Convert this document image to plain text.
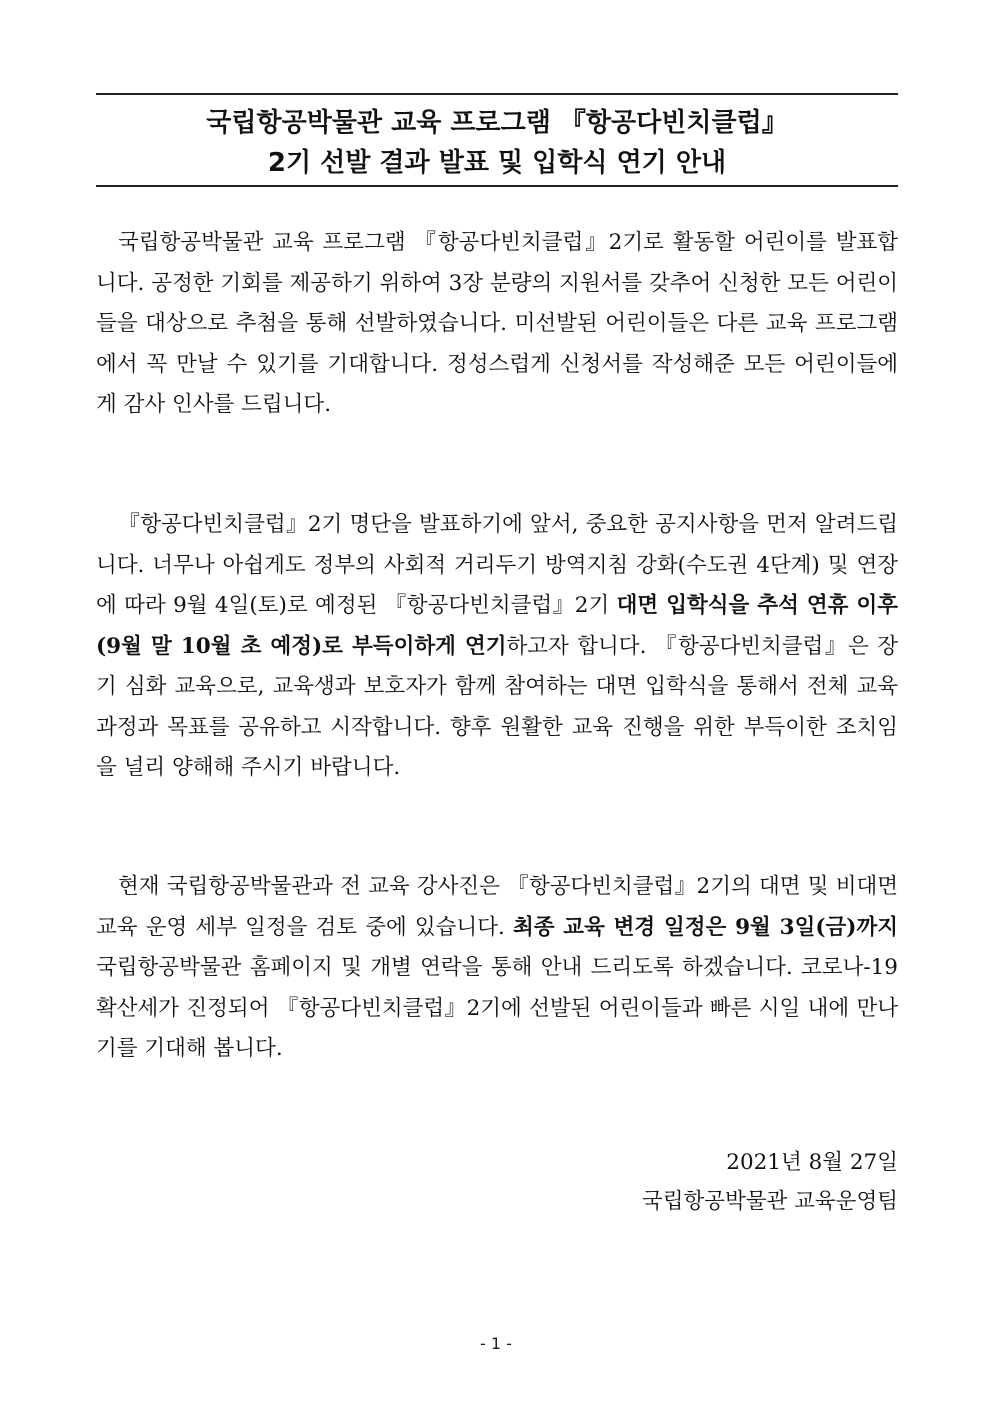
국립항공박물관 교육 프로그램 『항공다빈치클럽』
2기 선발 결과 발표 및 입학식 연기 안내

국립항공박물관 교육 프로그램 『항공다빈치클럽』2기로 활동할 어린이를 발표합니다. 공정한 기회를 제공하기 위하여 3장 분량의 지원서를 갖추어 신청한 모든 어린이들을 대상으로 추첨을 통해 선발하였습니다. 미선발된 어린이들은 다른 교육 프로그램에서 꼭 만날 수 있기를 기대합니다. 정성스럽게 신청서를 작성해준 모든 어린이들에게 감사 인사를 드립니다.

『항공다빈치클럽』2기 명단을 발표하기에 앞서, 중요한 공지사항을 먼저 알려드립니다. 너무나 아쉽게도 정부의 사회적 거리두기 방역지침 강화(수도권 4단계) 및 연장에 따라 9월 4일(토)로 예정된 『항공다빈치클럽』2기 대면 입학식을 추석 연휴 이후(9월 말 10월 초 예정)로 부득이하게 연기하고자 합니다. 『항공다빈치클럽』은 장기 심화 교육으로, 교육생과 보호자가 함께 참여하는 대면 입학식을 통해서 전체 교육 과정과 목표를 공유하고 시작합니다. 향후 원활한 교육 진행을 위한 부득이한 조치임을 널리 양해해 주시기 바랍니다.

현재 국립항공박물관과 전 교육 강사진은 『항공다빈치클럽』2기의 대면 및 비대면 교육 운영 세부 일정을 검토 중에 있습니다. 최종 교육 변경 일정은 9월 3일(금)까지 국립항공박물관 홈페이지 및 개별 연락을 통해 안내 드리도록 하겠습니다. 코로나-19 확산세가 진정되어 『항공다빈치클럽』2기에 선발된 어린이들과 빠른 시일 내에 만나기를 기대해 봅니다.

2021년 8월 27일
국립항공박물관 교육운영팀
- 1 -
